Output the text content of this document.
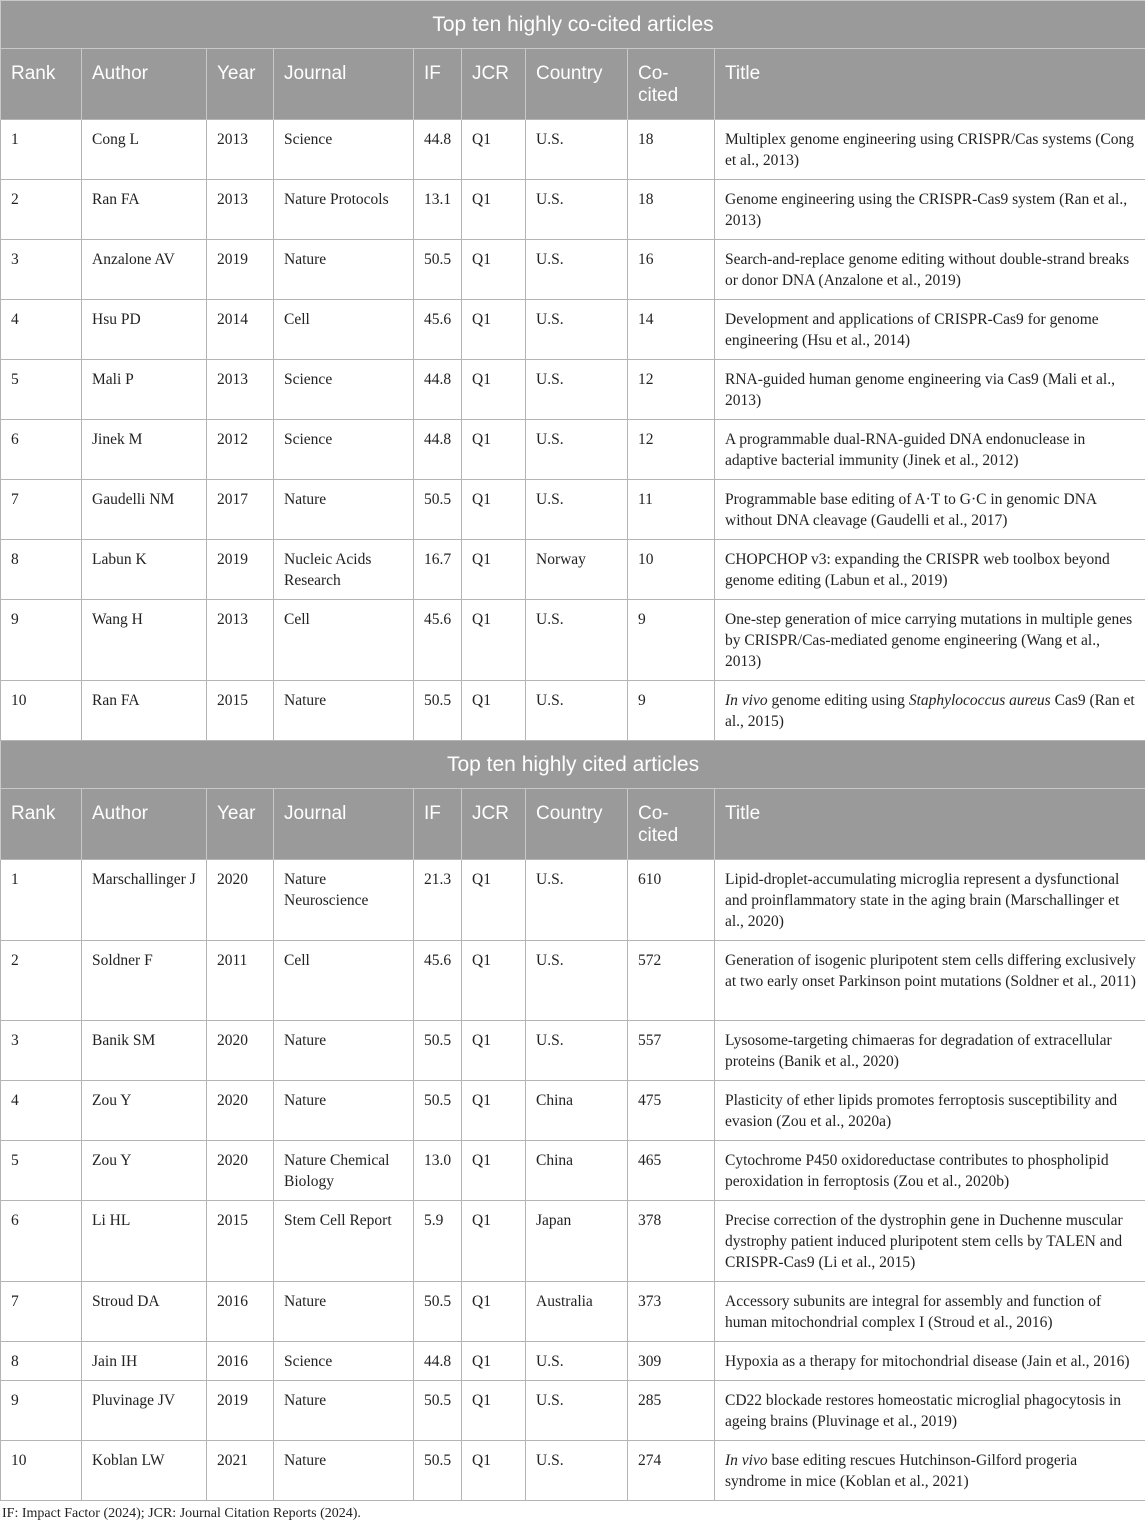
Top ten highly co-cited articles								
Rank	Author	Year	Journal	IF	JCR	Country	Co-cited	Title
1	Cong L	2013	Science	44.8	Q1	U.S.	18	Multiplex genome engineering using CRISPR/Cas systems (Cong et al., 2013)
2	Ran FA	2013	Nature Protocols	13.1	Q1	U.S.	18	Genome engineering using the CRISPR-Cas9 system (Ran et al., 2013)
3	Anzalone AV	2019	Nature	50.5	Q1	U.S.	16	Search-and-replace genome editing without double-strand breaks or donor DNA (Anzalone et al., 2019)
4	Hsu PD	2014	Cell	45.6	Q1	U.S.	14	Development and applications of CRISPR-Cas9 for genome engineering (Hsu et al., 2014)
5	Mali P	2013	Science	44.8	Q1	U.S.	12	RNA-guided human genome engineering via Cas9 (Mali et al., 2013)
6	Jinek M	2012	Science	44.8	Q1	U.S.	12	A programmable dual-RNA-guided DNA endonuclease in adaptive bacterial immunity (Jinek et al., 2012)
7	Gaudelli NM	2017	Nature	50.5	Q1	U.S.	11	Programmable base editing of A·T to G·C in genomic DNA without DNA cleavage (Gaudelli et al., 2017)
8	Labun K	2019	Nucleic Acids Research	16.7	Q1	Norway	10	CHOPCHOP v3: expanding the CRISPR web toolbox beyond genome editing (Labun et al., 2019)
9	Wang H	2013	Cell	45.6	Q1	U.S.	9	One-step generation of mice carrying mutations in multiple genes by CRISPR/Cas-mediated genome engineering (Wang et al., 2013)
10	Ran FA	2015	Nature	50.5	Q1	U.S.	9	In vivo genome editing using Staphylococcus aureus Cas9 (Ran et al., 2015)
Top ten highly cited articles								
Rank	Author	Year	Journal	IF	JCR	Country	Co-cited	Title
1	Marschallinger J	2020	Nature Neuroscience	21.3	Q1	U.S.	610	Lipid-droplet-accumulating microglia represent a dysfunctional and proinflammatory state in the aging brain (Marschallinger et al., 2020)
2	Soldner F	2011	Cell	45.6	Q1	U.S.	572	Generation of isogenic pluripotent stem cells differing exclusively at two early onset Parkinson point mutations (Soldner et al., 2011)
3	Banik SM	2020	Nature	50.5	Q1	U.S.	557	Lysosome-targeting chimaeras for degradation of extracellular proteins (Banik et al., 2020)
4	Zou Y	2020	Nature	50.5	Q1	China	475	Plasticity of ether lipids promotes ferroptosis susceptibility and evasion (Zou et al., 2020a)
5	Zou Y	2020	Nature Chemical Biology	13.0	Q1	China	465	Cytochrome P450 oxidoreductase contributes to phospholipid peroxidation in ferroptosis (Zou et al., 2020b)
6	Li HL	2015	Stem Cell Report	5.9	Q1	Japan	378	Precise correction of the dystrophin gene in Duchenne muscular dystrophy patient induced pluripotent stem cells by TALEN and CRISPR-Cas9 (Li et al., 2015)
7	Stroud DA	2016	Nature	50.5	Q1	Australia	373	Accessory subunits are integral for assembly and function of human mitochondrial complex I (Stroud et al., 2016)
8	Jain IH	2016	Science	44.8	Q1	U.S.	309	Hypoxia as a therapy for mitochondrial disease (Jain et al., 2016)
9	Pluvinage JV	2019	Nature	50.5	Q1	U.S.	285	CD22 blockade restores homeostatic microglial phagocytosis in ageing brains (Pluvinage et al., 2019)
10	Koblan LW	2021	Nature	50.5	Q1	U.S.	274	In vivo base editing rescues Hutchinson-Gilford progeria syndrome in mice (Koblan et al., 2021)
IF: Impact Factor (2024); JCR: Journal Citation Reports (2024).
